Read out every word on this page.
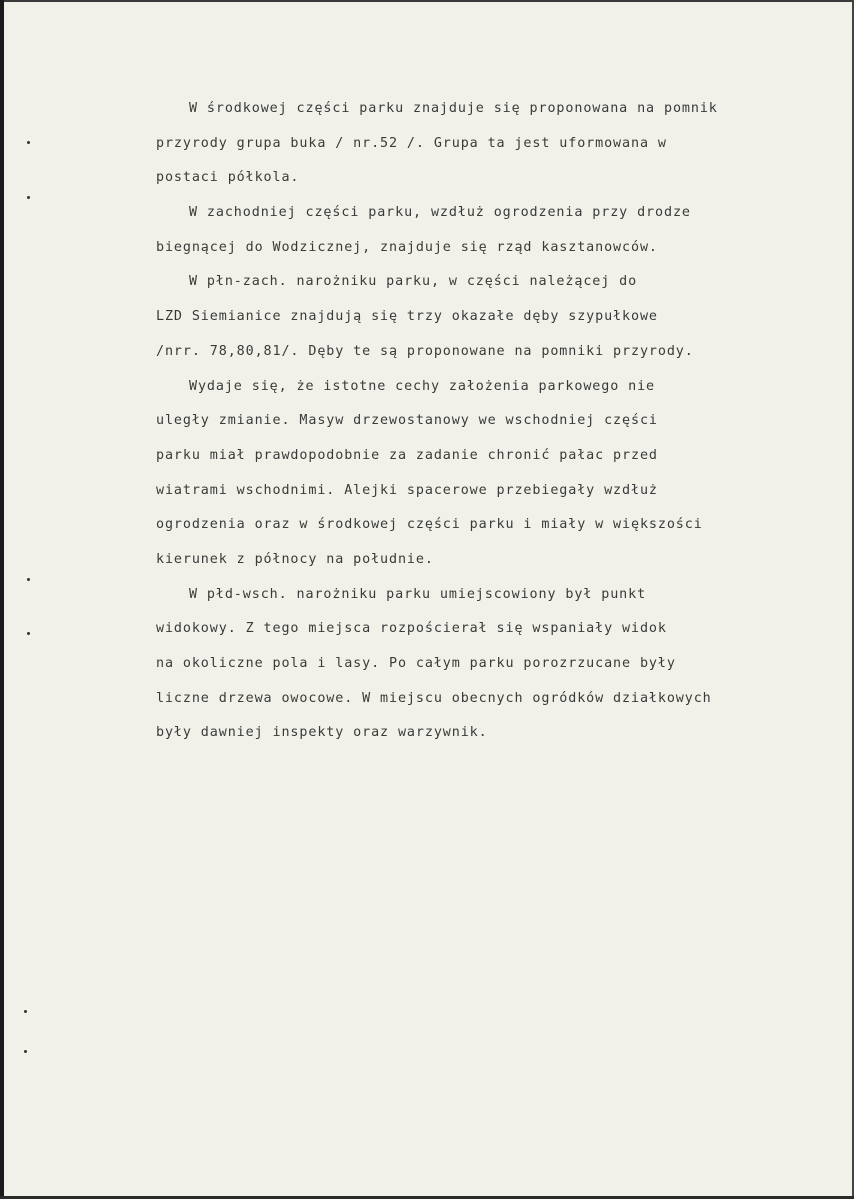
W środkowej części parku znajduje się proponowana na pomnik
przyrody grupa buka / nr.52 /. Grupa ta jest uformowana w
postaci półkola.
W zachodniej części parku, wzdłuż ogrodzenia przy drodze
biegnącej do Wodzicznej, znajduje się rząd kasztanowców.
W płn-zach. narożniku parku, w części należącej do
LZD Siemianice znajdują się trzy okazałe dęby szypułkowe
/nrr. 78,80,81/. Dęby te są proponowane na pomniki przyrody.
Wydaje się, że istotne cechy założenia parkowego nie
uległy zmianie. Masyw drzewostanowy we wschodniej części
parku miał prawdopodobnie za zadanie chronić pałac przed
wiatrami wschodnimi. Alejki spacerowe przebiegały wzdłuż
ogrodzenia oraz w środkowej części parku i miały w większości
kierunek z północy na południe.
W płd-wsch. narożniku parku umiejscowiony był punkt
widokowy. Z tego miejsca rozpościerał się wspaniały widok
na okoliczne pola i lasy. Po całym parku porozrzucane były
liczne drzewa owocowe. W miejscu obecnych ogródków działkowych
były dawniej inspekty oraz warzywnik.
